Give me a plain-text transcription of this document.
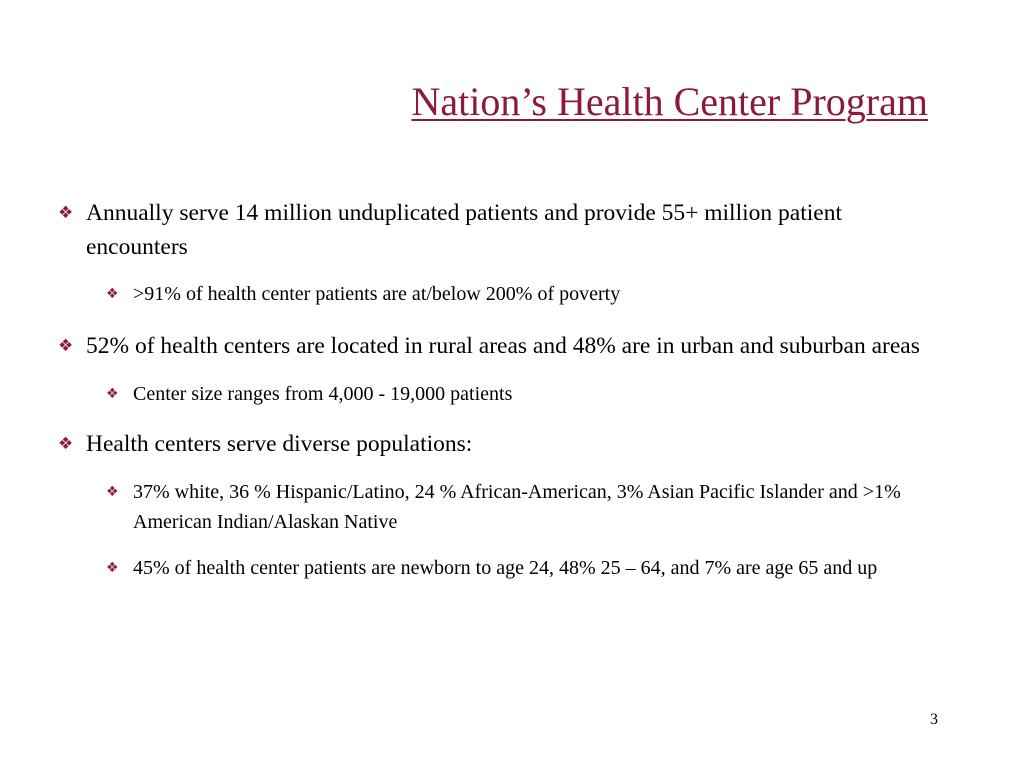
Nation’s Health Center Program
❖ Annually serve 14 million unduplicated patients and provide 55+ million patient encounters
❖ >91% of health center patients are at/below 200% of poverty
❖ 52% of health centers are located in rural areas and 48% are in urban and suburban areas
❖ Center size ranges from 4,000 - 19,000 patients
❖ Health centers serve diverse populations:
❖ 37% white, 36 % Hispanic/Latino, 24 % African-American, 3% Asian Pacific Islander and >1% American Indian/Alaskan Native
❖ 45% of health center patients are newborn to age 24, 48% 25 – 64, and 7% are age 65 and up
3
